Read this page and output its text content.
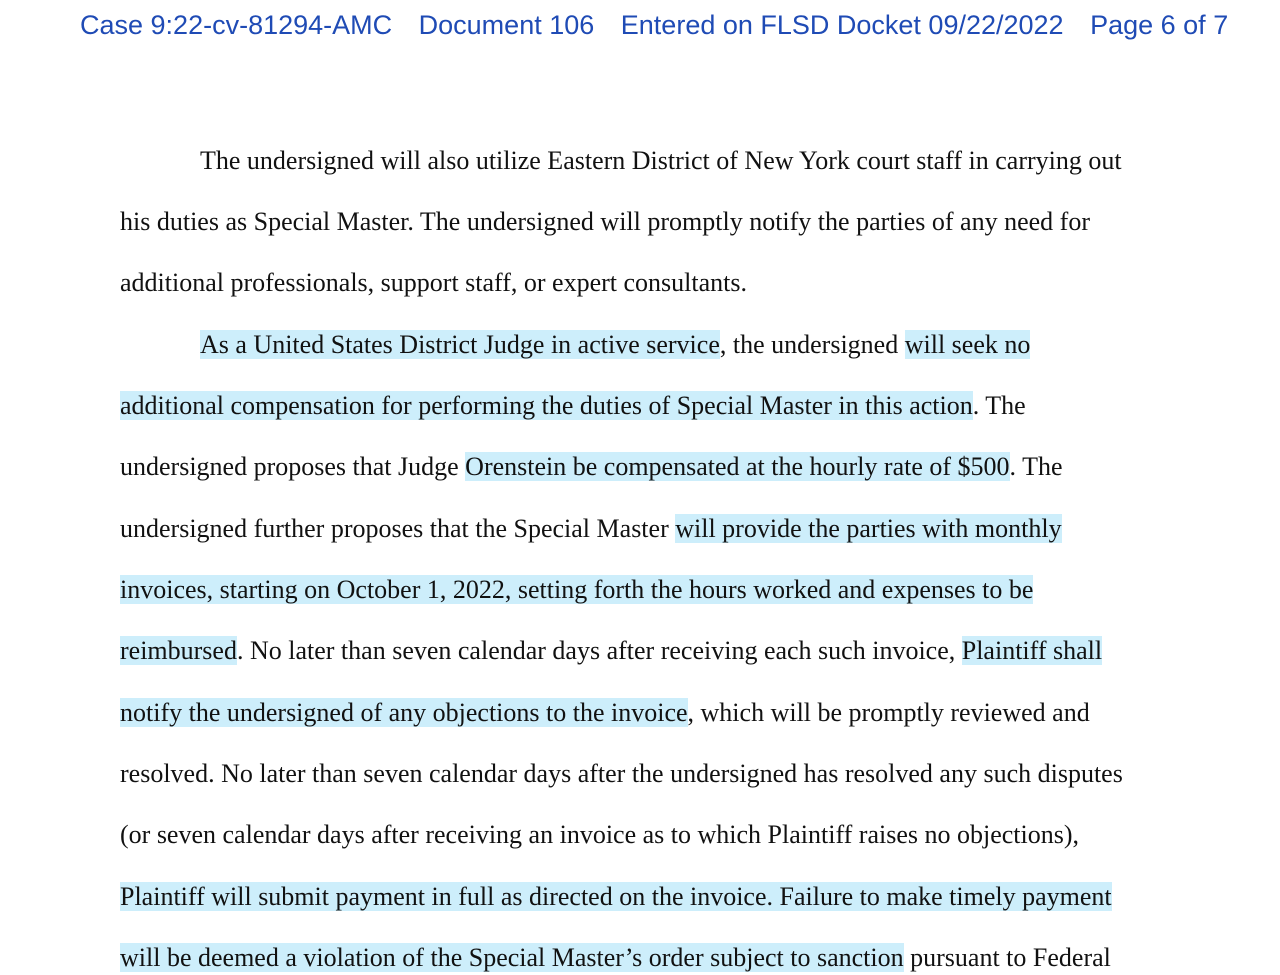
Case 9:22-cv-81294-AMC Document 106 Entered on FLSD Docket 09/22/2022 Page 6 of 7
The undersigned will also utilize Eastern District of New York court staff in carrying out
his duties as Special Master. The undersigned will promptly notify the parties of any need for
additional professionals, support staff, or expert consultants.
As a United States District Judge in active service, the undersigned will seek no
additional compensation for performing the duties of Special Master in this action. The
undersigned proposes that Judge Orenstein be compensated at the hourly rate of $500. The
undersigned further proposes that the Special Master will provide the parties with monthly
invoices, starting on October 1, 2022, setting forth the hours worked and expenses to be
reimbursed. No later than seven calendar days after receiving each such invoice, Plaintiff shall
notify the undersigned of any objections to the invoice, which will be promptly reviewed and
resolved. No later than seven calendar days after the undersigned has resolved any such disputes
(or seven calendar days after receiving an invoice as to which Plaintiff raises no objections),
Plaintiff will submit payment in full as directed on the invoice. Failure to make timely payment
will be deemed a violation of the Special Master’s order subject to sanction pursuant to Federal
